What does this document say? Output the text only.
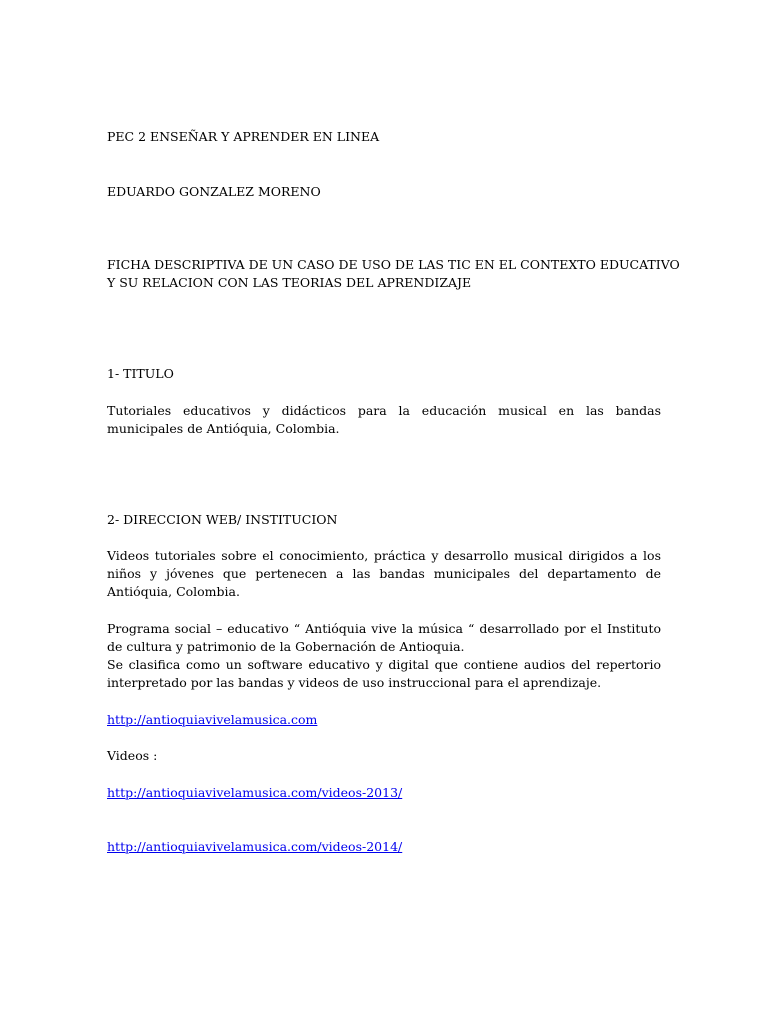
PEC 2 ENSEÑAR Y APRENDER EN LINEA
EDUARDO GONZALEZ MORENO
FICHA DESCRIPTIVA DE UN CASO DE USO DE LAS TIC EN EL CONTEXTO EDUCATIVO
Y SU RELACION CON LAS TEORIAS DEL APRENDIZAJE
1- TITULO
Tutoriales educativos y didácticos para la educación musical en las bandas municipales de Antióquia, Colombia.
2- DIRECCION WEB/ INSTITUCION
Videos tutoriales sobre el conocimiento, práctica y desarrollo musical dirigidos a los niños y jóvenes que pertenecen a las bandas municipales del departamento de Antióquia, Colombia.
Programa social – educativo “ Antióquia vive la música “ desarrollado por el Instituto de cultura y patrimonio de la Gobernación de Antioquia.
Se clasifica como un software educativo y digital que contiene audios del repertorio interpretado por las bandas y videos de uso instruccional para el aprendizaje.
http://antioquiavivelamusica.com
Videos :
http://antioquiavivelamusica.com/videos-2013/
http://antioquiavivelamusica.com/videos-2014/
